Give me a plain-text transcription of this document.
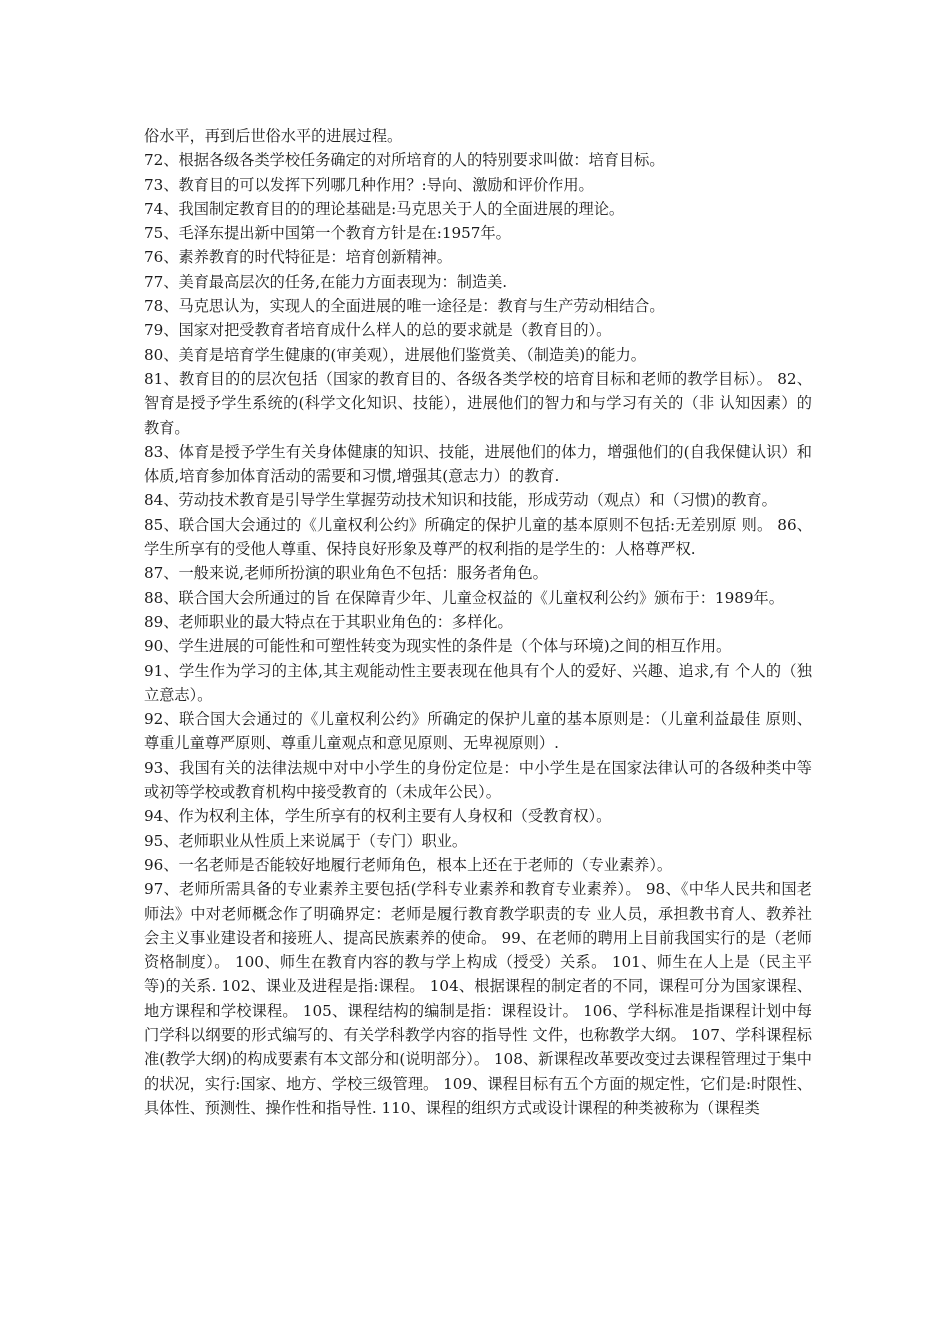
俗水平，再到后世俗水平的进展过程。

72、根据各级各类学校任务确定的对所培育的人的特别要求叫做：培育目标。

73、教育目的可以发挥下列哪几种作用？:导向、激励和评价作用。

74、我国制定教育目的的理论基础是:马克思关于人的全面进展的理论。

75、毛泽东提出新中国第一个教育方针是在:1957年。

76、素养教育的时代特征是：培育创新精神。

77、美育最高层次的任务,在能力方面表现为：制造美.

78、马克思认为，实现人的全面进展的唯一途径是：教育与生产劳动相结合。

79、国家对把受教育者培育成什么样人的总的要求就是（教育目的）。

80、美育是培育学生健康的(审美观），进展他们鉴赏美、（制造美)的能力。

81、教育目的的层次包括（国家的教育目的、各级各类学校的培育目标和老师的教学目标）。 82、智育是授予学生系统的(科学文化知识、技能），进展他们的智力和与学习有关的（非 认知因素）的教育。

83、体育是授予学生有关身体健康的知识、技能，进展他们的体力，增强他们的(自我保健认识）和体质,培育参加体育活动的需要和习惯,增强其(意志力）的教育.

84、劳动技术教育是引导学生掌握劳动技术知识和技能，形成劳动（观点）和（习惯)的教育。

85、联合国大会通过的《儿童权利公约》所确定的保护儿童的基本原则不包括:无差别原 则。 86、学生所享有的受他人尊重、保持良好形象及尊严的权利指的是学生的：人格尊严权.

87、一般来说,老师所扮演的职业角色不包括：服务者角色。

88、联合国大会所通过的旨 在保障青少年、儿童佥权益的《儿童权利公约》颁布于：1989年。

89、老师职业的最大特点在于其职业角色的：多样化。

90、学生进展的可能性和可塑性转变为现实性的条件是（个体与环境)之间的相互作用。

91、学生作为学习的主体,其主观能动性主要表现在他具有个人的爱好、兴趣、追求,有 个人的（独立意志）。

92、联合国大会通过的《儿童权利公约》所确定的保护儿童的基本原则是：（儿童利益最佳 原则、尊重儿童尊严原则、尊重儿童观点和意见原则、无卑视原则）.

93、我国有关的法律法规中对中小学生的身份定位是：中小学生是在国家法律认可的各级种类中等或初等学校或教育机构中接受教育的（未成年公民）。

94、作为权利主体，学生所享有的权利主要有人身权和（受教育权）。

95、老师职业从性质上来说属于（专门）职业。

96、一名老师是否能较好地履行老师角色，根本上还在于老师的（专业素养）。

97、老师所需具备的专业素养主要包括(学科专业素养和教育专业素养）。 98、《中华人民共和国老师法》中对老师概念作了明确界定：老师是履行教育教学职责的专 业人员，承担教书育人、教养社会主义事业建设者和接班人、提高民族素养的使命。 99、在老师的聘用上目前我国实行的是（老师资格制度）。 100、师生在教育内容的教与学上构成（授受）关系。 101、师生在人上是（民主平等)的关系. 102、课业及进程是指:课程。 104、根据课程的制定者的不同，课程可分为国家课程、地方课程和学校课程。 105、课程结构的编制是指：课程设计。 106、学科标准是指课程计划中每门学科以纲要的形式编写的、有关学科教学内容的指导性 文件，也称教学大纲。 107、学科课程标准(教学大纲)的构成要素有本文部分和(说明部分）。 108、新课程改革要改变过去课程管理过于集中的状况，实行:国家、地方、学校三级管理。 109、课程目标有五个方面的规定性，它们是:时限性、具体性、预测性、操作性和指导性. 110、课程的组织方式或设计课程的种类被称为（课程类
